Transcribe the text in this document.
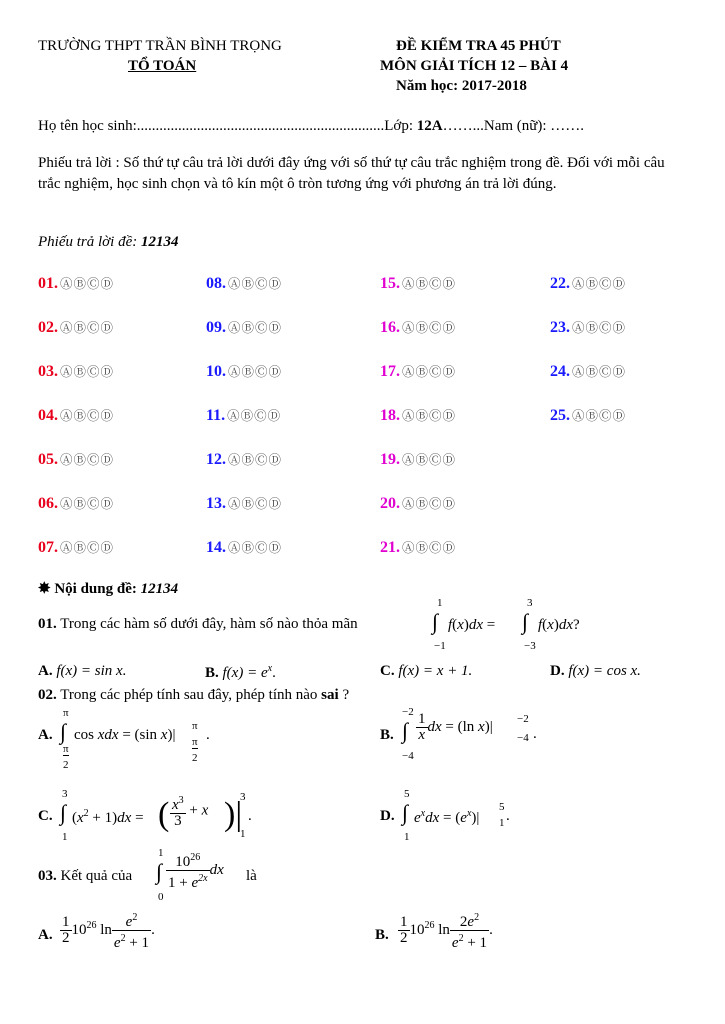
TRƯỜNG THPT TRẦN BÌNH TRỌNG
TỔ TOÁN
ĐỀ KIỂM TRA 45 PHÚT
MÔN GIẢI TÍCH 12 – BÀI 4
Năm học: 2017-2018
Họ tên học sinh:..................................................................Lớp: 12A……...Nam (nữ): …….
Phiếu trả lời : Số thứ tự câu trả lời dưới đây ứng với số thứ tự câu trắc nghiệm trong đề. Đối với mỗi câu trắc nghiệm, học sinh chọn và tô kín một ô tròn tương ứng với phương án trả lời đúng.
Phiếu trả lời đề: 12134
01. ⒶⒷⒸⒹ
02. ⒶⒷⒸⒹ
03. ⒶⒷⒸⒹ
04. ⒶⒷⒸⒹ
05. ⒶⒷⒸⒹ
06. ⒶⒷⒸⒹ
07. ⒶⒷⒸⒹ
08. ⒶⒷⒸⒹ
09. ⒶⒷⒸⒹ
10. ⒶⒷⒸⒹ
11. ⒶⒷⒸⒹ
12. ⒶⒷⒸⒹ
13. ⒶⒷⒸⒹ
14. ⒶⒷⒸⒹ
15. ⒶⒷⒸⒹ
16. ⒶⒷⒸⒹ
17. ⒶⒷⒸⒹ
18. ⒶⒷⒸⒹ
19. ⒶⒷⒸⒹ
20. ⒶⒷⒸⒹ
21. ⒶⒷⒸⒹ
22. ⒶⒷⒸⒹ
23. ⒶⒷⒸⒹ
24. ⒶⒷⒸⒹ
25. ⒶⒷⒸⒹ
✸ Nội dung đề: 12134
01. Trong các hàm số dưới đây, hàm số nào thỏa mãn
1
∫
−1
f(x)dx =
3
∫
−3
f(x)dx?
A. f(x) = sin x.	B. $f(x) = e^x$.	C. f(x) = x + 1.	D. f(x) = cos x.
02. Trong các phép tính sau đây, phép tính nào sai ?
A.
π
∫
π
2
cos xdx = (sin x)|
π
π
2
.	B.
−2
∫
−4
$\frac{1}{x}$ dx = (ln x)| −2
−4 .
C.
3
∫
1
$(x^2 + 1)dx$ = ( $\frac{x^3}{3} + x$ )|
3
1
.	D.
5
∫
1
$e^xdx = (e^x)|$
5
1 .
03. Kết quả của
1
∫
0
$\frac{10^{26}}{1 + e^{2x}}$ dx là
A. $\frac{1}{2} 10^{26}$ $\ln \frac{e^2}{e^2 + 1}$ .	B. $\frac{1}{2} 10^{26}$ $\ln \frac{2e^2}{e^2 + 1}$ .
